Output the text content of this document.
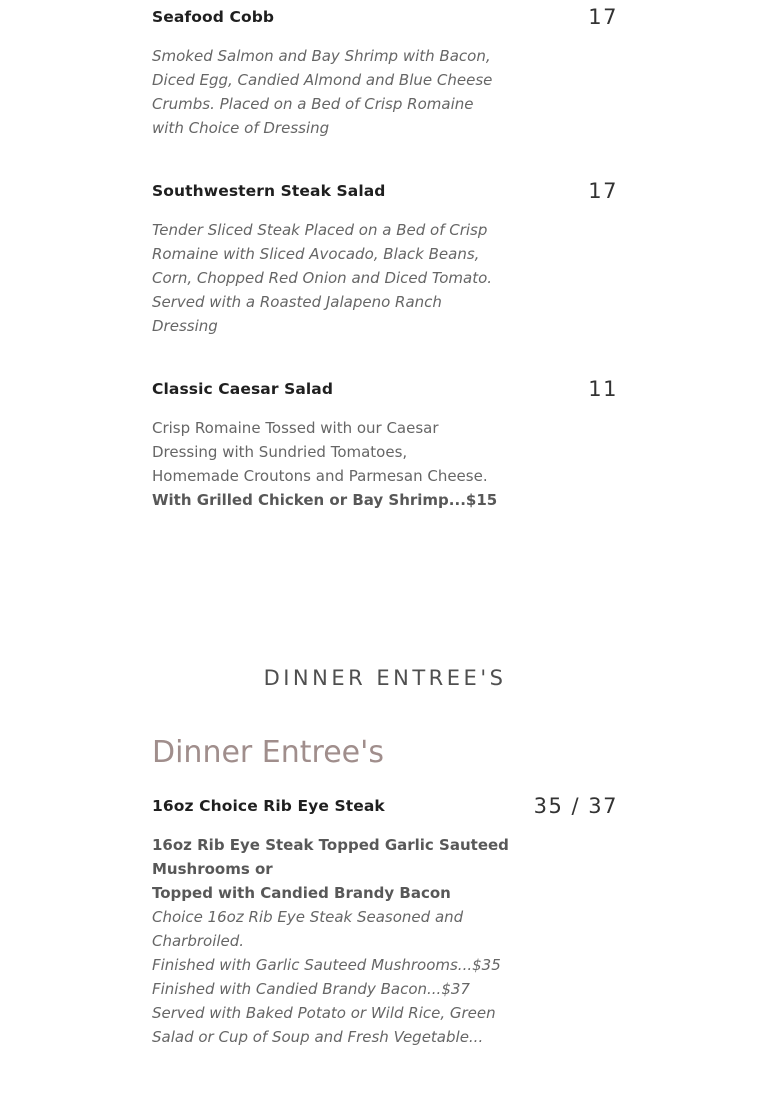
Seafood Cobb	17
Smoked Salmon and Bay Shrimp with Bacon,
Diced Egg, Candied Almond and Blue Cheese
Crumbs. Placed on a Bed of Crisp Romaine
with Choice of Dressing
Southwestern Steak Salad	17
Tender Sliced Steak Placed on a Bed of Crisp
Romaine with Sliced Avocado, Black Beans,
Corn, Chopped Red Onion and Diced Tomato.
Served with a Roasted Jalapeno Ranch
Dressing
Classic Caesar Salad	11
Crisp Romaine Tossed with our Caesar
Dressing with Sundried Tomatoes,
Homemade Croutons and Parmesan Cheese.
With Grilled Chicken or Bay Shrimp...$15
DINNER ENTREE'S
Dinner Entree's
16oz Choice Rib Eye Steak	35 / 37
16oz Rib Eye Steak Topped Garlic Sauteed
Mushrooms or
Topped with Candied Brandy Bacon
Choice 16oz Rib Eye Steak Seasoned and
Charbroiled.
Finished with Garlic Sauteed Mushrooms...$35
Finished with Candied Brandy Bacon...$37
Served with Baked Potato or Wild Rice, Green
Salad or Cup of Soup and Fresh Vegetable...
